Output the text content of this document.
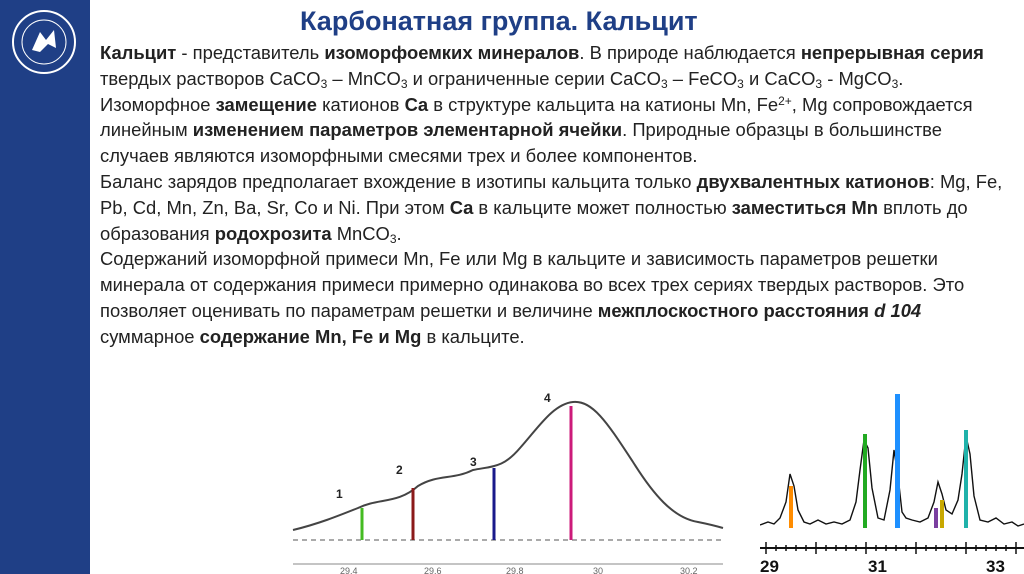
Карбонатная группа. Кальцит

Кальцит - представитель изоморфоемких минералов. В природе наблюдается непрерывная серия твердых растворов CaCO$_3$ – MnCO$_3$ и ограниченные серии CaCO$_3$ – FeCO$_3$ и CaCO$_3$ - MgCO$_3$. Изоморфное замещение катионов Ca в структуре кальцита на катионы Mn, $Fe^{2+}$, Mg сопровождается линейным изменением параметров элементарной ячейки. Природные образцы в большинстве случаев являются изоморфными смесями трех и более компонентов.

Баланс зарядов предполагает вхождение в изотипы кальцита только двухвалентных катионов: Mg, Fe, Pb, Cd, Mn, Zn, Ba, Sr, Co и Ni. При этом Ca в кальците может полностью заместиться Mn вплоть до образования родохрозита MnCO$_3$.

Содержаний изоморфной примеси Mn, Fe или Mg в кальците и зависимость параметров решетки минерала от содержания примеси примерно одинакова во всех трех сериях твердых растворов. Это позволяет оценивать по параметрам решетки и величине межплоскостного расстояния d 104 суммарное содержание Mn, Fe и Mg в кальците.

1
2
3
4
29.4	29.6	29.8	30	30.2	29	31	33
